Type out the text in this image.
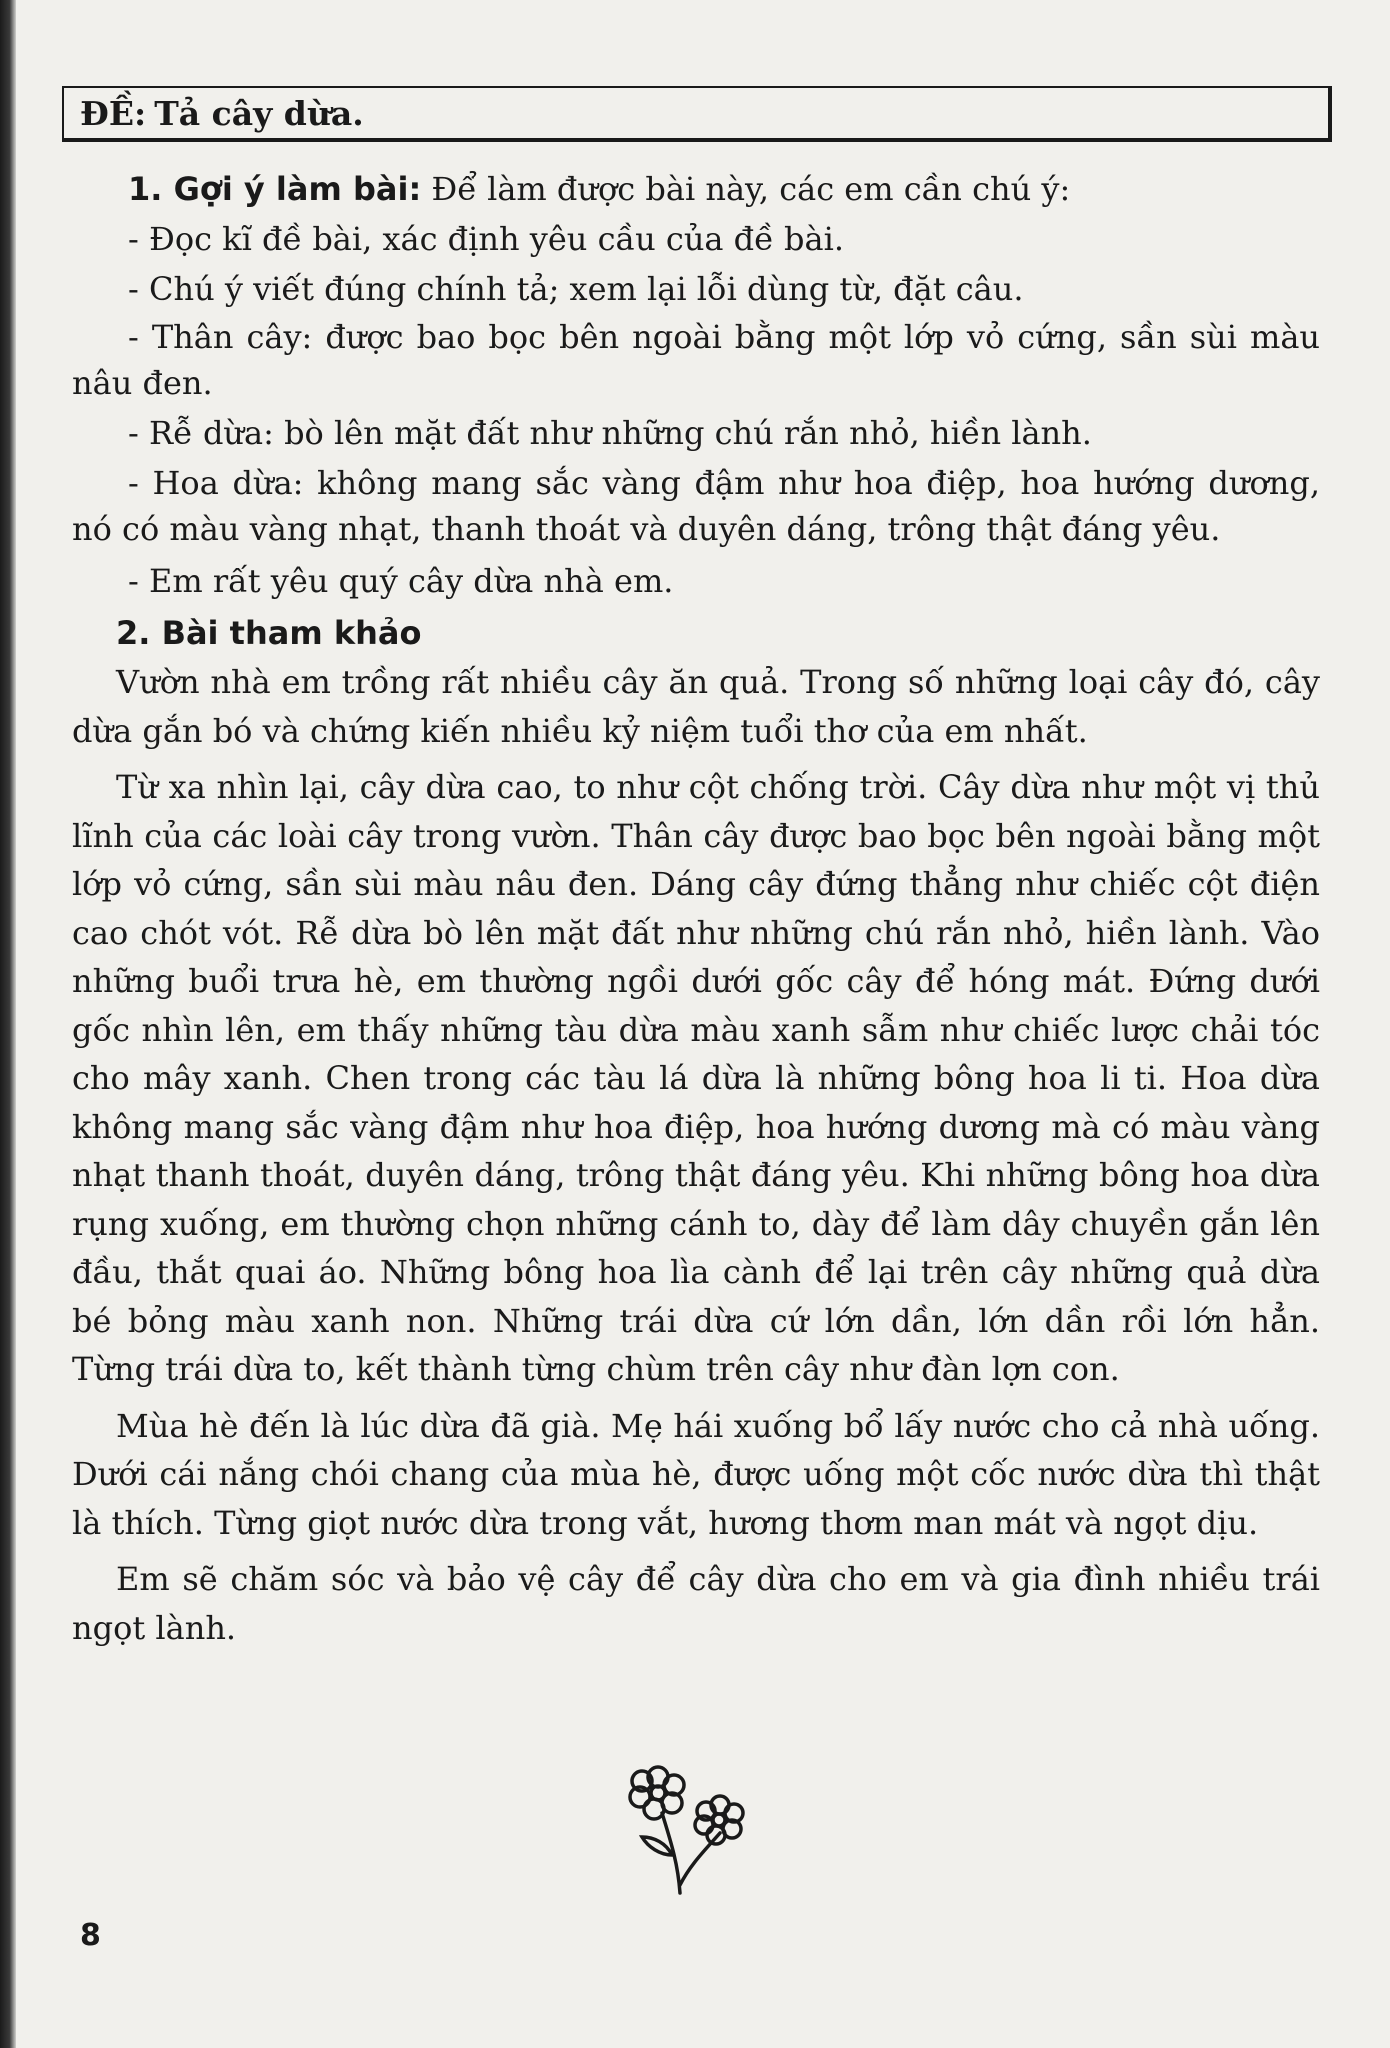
ĐỀ: Tả cây dừa.

1. Gợi ý làm bài: Để làm được bài này, các em cần chú ý:

- Đọc kĩ đề bài, xác định yêu cầu của đề bài.

- Chú ý viết đúng chính tả; xem lại lỗi dùng từ, đặt câu.

- Thân cây: được bao bọc bên ngoài bằng một lớp vỏ cứng, sần sùi màu nâu đen.

- Rễ dừa: bò lên mặt đất như những chú rắn nhỏ, hiền lành.

- Hoa dừa: không mang sắc vàng đậm như hoa điệp, hoa hướng dương, nó có màu vàng nhạt, thanh thoát và duyên dáng, trông thật đáng yêu.

- Em rất yêu quý cây dừa nhà em.

2. Bài tham khảo

Vườn nhà em trồng rất nhiều cây ăn quả. Trong số những loại cây đó, cây dừa gắn bó và chứng kiến nhiều kỷ niệm tuổi thơ của em nhất.

Từ xa nhìn lại, cây dừa cao, to như cột chống trời. Cây dừa như một vị thủ lĩnh của các loài cây trong vườn. Thân cây được bao bọc bên ngoài bằng một lớp vỏ cứng, sần sùi màu nâu đen. Dáng cây đứng thẳng như chiếc cột điện cao chót vót. Rễ dừa bò lên mặt đất như những chú rắn nhỏ, hiền lành. Vào những buổi trưa hè, em thường ngồi dưới gốc cây để hóng mát. Đứng dưới gốc nhìn lên, em thấy những tàu dừa màu xanh sẫm như chiếc lược chải tóc cho mây xanh. Chen trong các tàu lá dừa là những bông hoa li ti. Hoa dừa không mang sắc vàng đậm như hoa điệp, hoa hướng dương mà có màu vàng nhạt thanh thoát, duyên dáng, trông thật đáng yêu. Khi những bông hoa dừa rụng xuống, em thường chọn những cánh to, dày để làm dây chuyền gắn lên đầu, thắt quai áo. Những bông hoa lìa cành để lại trên cây những quả dừa bé bỏng màu xanh non. Những trái dừa cứ lớn dần, lớn dần rồi lớn hẳn. Từng trái dừa to, kết thành từng chùm trên cây như đàn lợn con.

Mùa hè đến là lúc dừa đã già. Mẹ hái xuống bổ lấy nước cho cả nhà uống. Dưới cái nắng chói chang của mùa hè, được uống một cốc nước dừa thì thật là thích. Từng giọt nước dừa trong vắt, hương thơm man mát và ngọt dịu.

Em sẽ chăm sóc và bảo vệ cây để cây dừa cho em và gia đình nhiều trái ngọt lành.

8
